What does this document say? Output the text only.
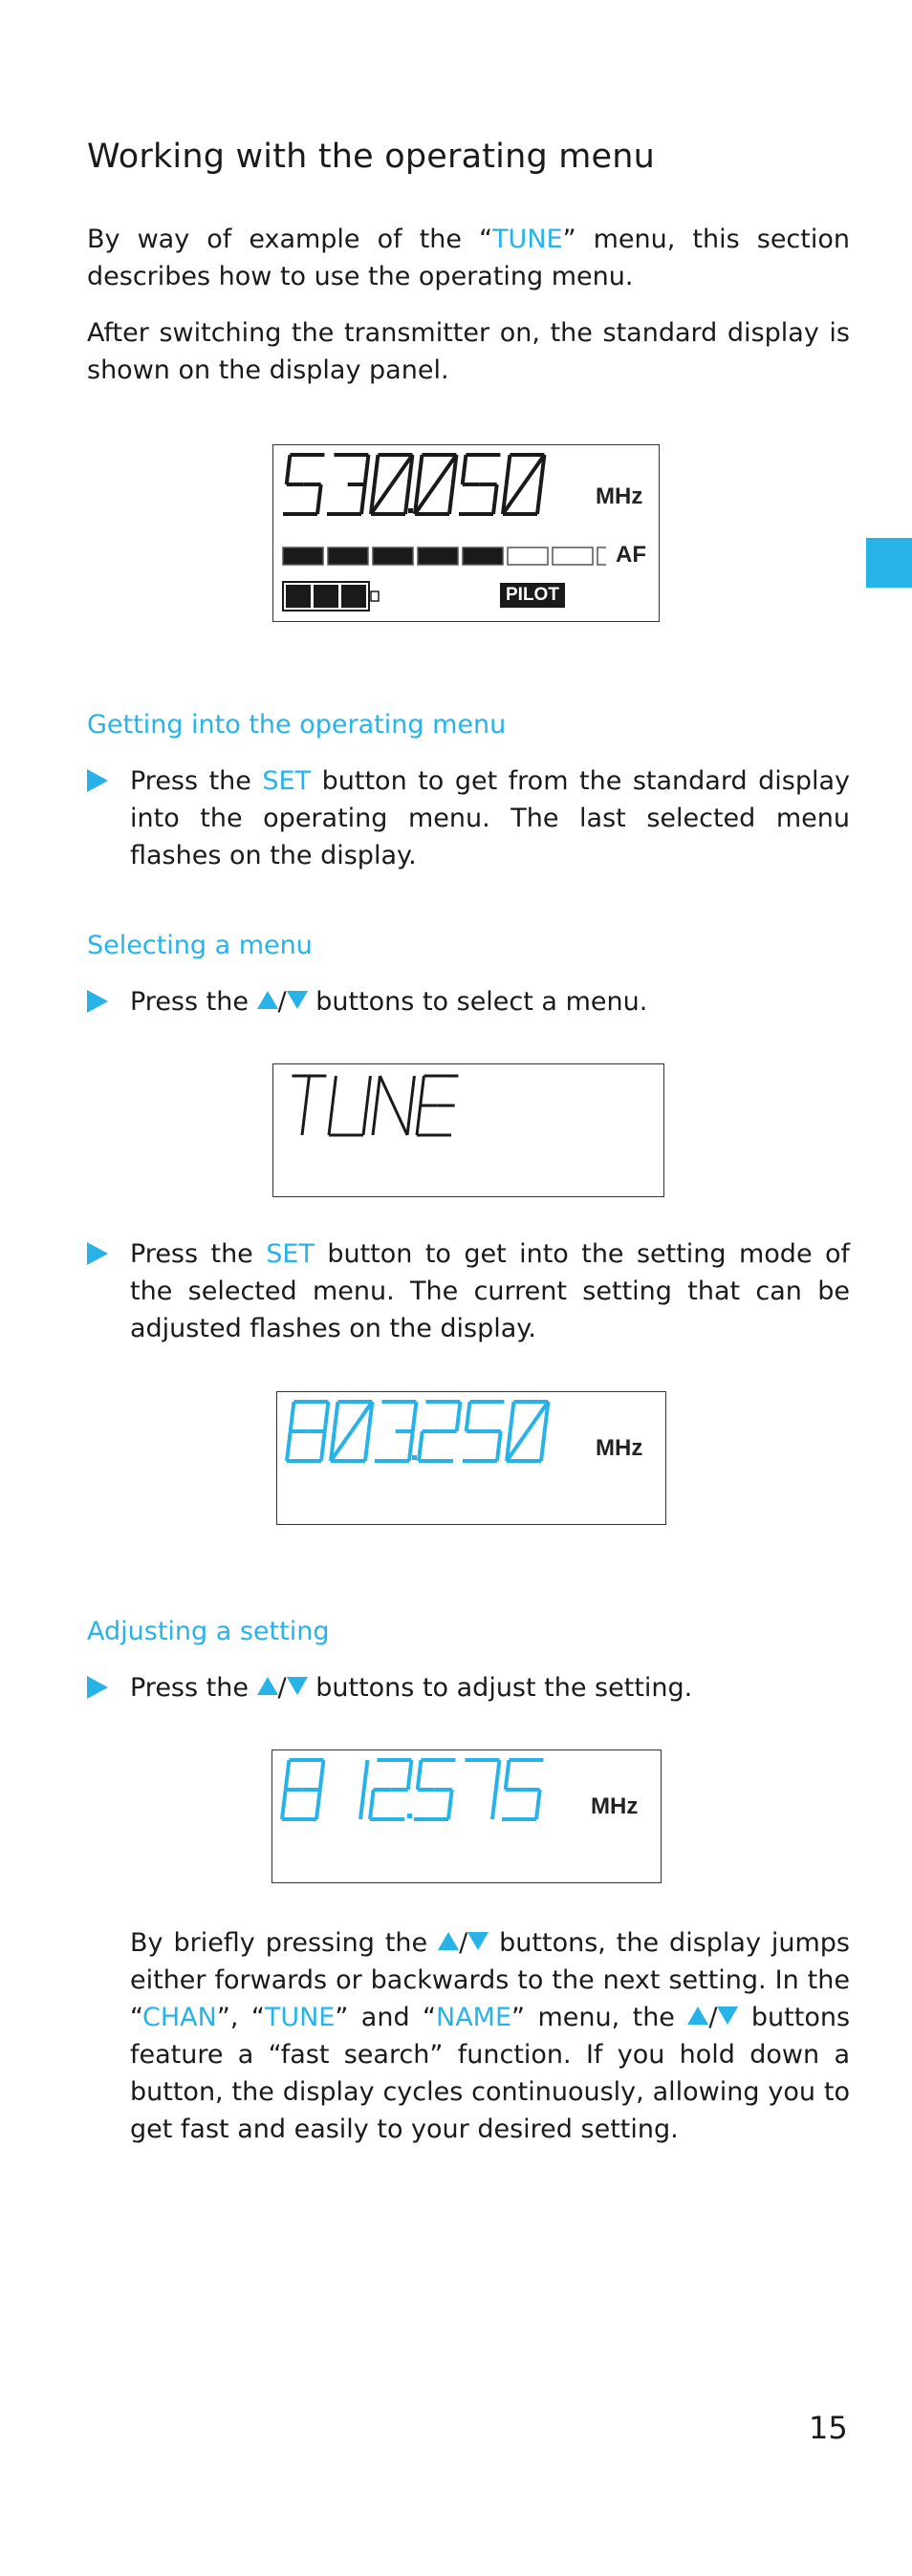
Working with the operating menu

By way of example of the “TUNE” menu, this section describes how to use the operating menu.

After switching the transmitter on, the standard display is shown on the display panel.

MHz
AF
PILOT
Getting into the operating menu

Press the SET button to get from the standard display into the operating menu. The last selected menu flashes on the display.

Selecting a menu

Press the / buttons to select a menu.

Press the SET button to get into the setting mode of the selected menu. The current setting that can be adjusted flashes on the display.

MHz
Adjusting a setting

Press the / buttons to adjust the setting.

MHz

By briefly pressing the / buttons, the display jumps either forwards or backwards to the next setting. In the “CHAN”, “TUNE” and “NAME” menu, the / buttons feature a “fast search” function. If you hold down a button, the display cycles continuously, allowing you to get fast and easily to your desired setting.

15
